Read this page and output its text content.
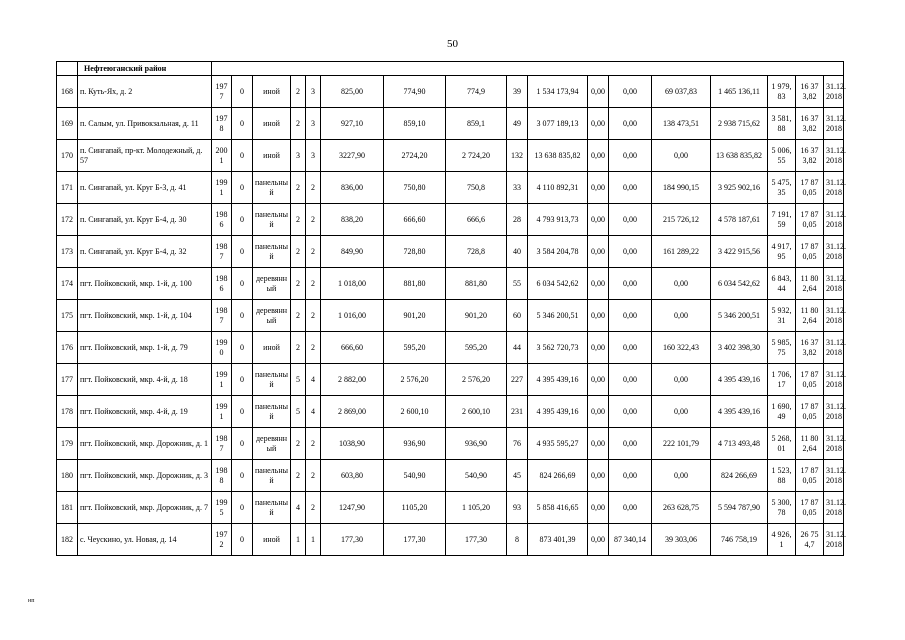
50
	Нефтеюганский район																	
168	п. Куть-Ях, д. 2	1977	0	иной	2	3	825,00	774,90	774,9	39	1 534 173,94	0,00	0,00	69 037,83	1 465 136,11	1 979,83	16 373,82	31.12. 2018
169	п. Салым, ул. Привокзальная, д. 11	1978	0	иной	2	3	927,10	859,10	859,1	49	3 077 189,13	0,00	0,00	138 473,51	2 938 715,62	3 581,88	16 373,82	31.12. 2018
170	п. Сингапай, пр-кт. Молодежный, д. 57	2001	0	иной	3	3	3227,90	2724,20	2 724,20	132	13 638 835,82	0,00	0,00	0,00	13 638 835,82	5 006,55	16 373,82	31.12. 2018
171	п. Сингапай, ул. Круг Б-3, д. 41	1991	0	панельный	2	2	836,00	750,80	750,8	33	4 110 892,31	0,00	0,00	184 990,15	3 925 902,16	5 475,35	17 870,05	31.12. 2018
172	п. Сингапай, ул. Круг Б-4, д. 30	1986	0	панельный	2	2	838,20	666,60	666,6	28	4 793 913,73	0,00	0,00	215 726,12	4 578 187,61	7 191,59	17 870,05	31.12. 2018
173	п. Сингапай, ул. Круг Б-4, д. 32	1987	0	панельный	2	2	849,90	728,80	728,8	40	3 584 204,78	0,00	0,00	161 289,22	3 422 915,56	4 917,95	17 870,05	31.12. 2018
174	пгт. Пойковский, мкр. 1-й, д. 100	1986	0	деревянный	2	2	1 018,00	881,80	881,80	55	6 034 542,62	0,00	0,00	0,00	6 034 542,62	6 843,44	11 802,64	31.12. 2018
175	пгт. Пойковский, мкр. 1-й, д. 104	1987	0	деревянный	2	2	1 016,00	901,20	901,20	60	5 346 200,51	0,00	0,00	0,00	5 346 200,51	5 932,31	11 802,64	31.12. 2018
176	пгт. Пойковский, мкр. 1-й, д. 79	1990	0	иной	2	2	666,60	595,20	595,20	44	3 562 720,73	0,00	0,00	160 322,43	3 402 398,30	5 985,75	16 373,82	31.12. 2018
177	пгт. Пойковский, мкр. 4-й, д. 18	1991	0	панельный	5	4	2 882,00	2 576,20	2 576,20	227	4 395 439,16	0,00	0,00	0,00	4 395 439,16	1 706,17	17 870,05	31.12. 2018
178	пгт. Пойковский, мкр. 4-й, д. 19	1991	0	панельный	5	4	2 869,00	2 600,10	2 600,10	231	4 395 439,16	0,00	0,00	0,00	4 395 439,16	1 690,49	17 870,05	31.12. 2018
179	пгт. Пойковский, мкр. Дорожник, д. 1	1987	0	деревянный	2	2	1038,90	936,90	936,90	76	4 935 595,27	0,00	0,00	222 101,79	4 713 493,48	5 268,01	11 802,64	31.12. 2018
180	пгт. Пойковский, мкр. Дорожник, д. 3	1988	0	панельный	2	2	603,80	540,90	540,90	45	824 266,69	0,00	0,00	0,00	824 266,69	1 523,88	17 870,05	31.12. 2018
181	пгт. Пойковский, мкр. Дорожник, д. 7	1995	0	панельный	4	2	1247,90	1105,20	1 105,20	93	5 858 416,65	0,00	0,00	263 628,75	5 594 787,90	5 300,78	17 870,05	31.12. 2018
182	с. Чеускино, ул. Новая, д. 14	1972	0	иной	1	1	177,30	177,30	177,30	8	873 401,39	0,00	87 340,14	39 303,06	746 758,19	4 926,1	26 754,7	31.12. 2018
нп
